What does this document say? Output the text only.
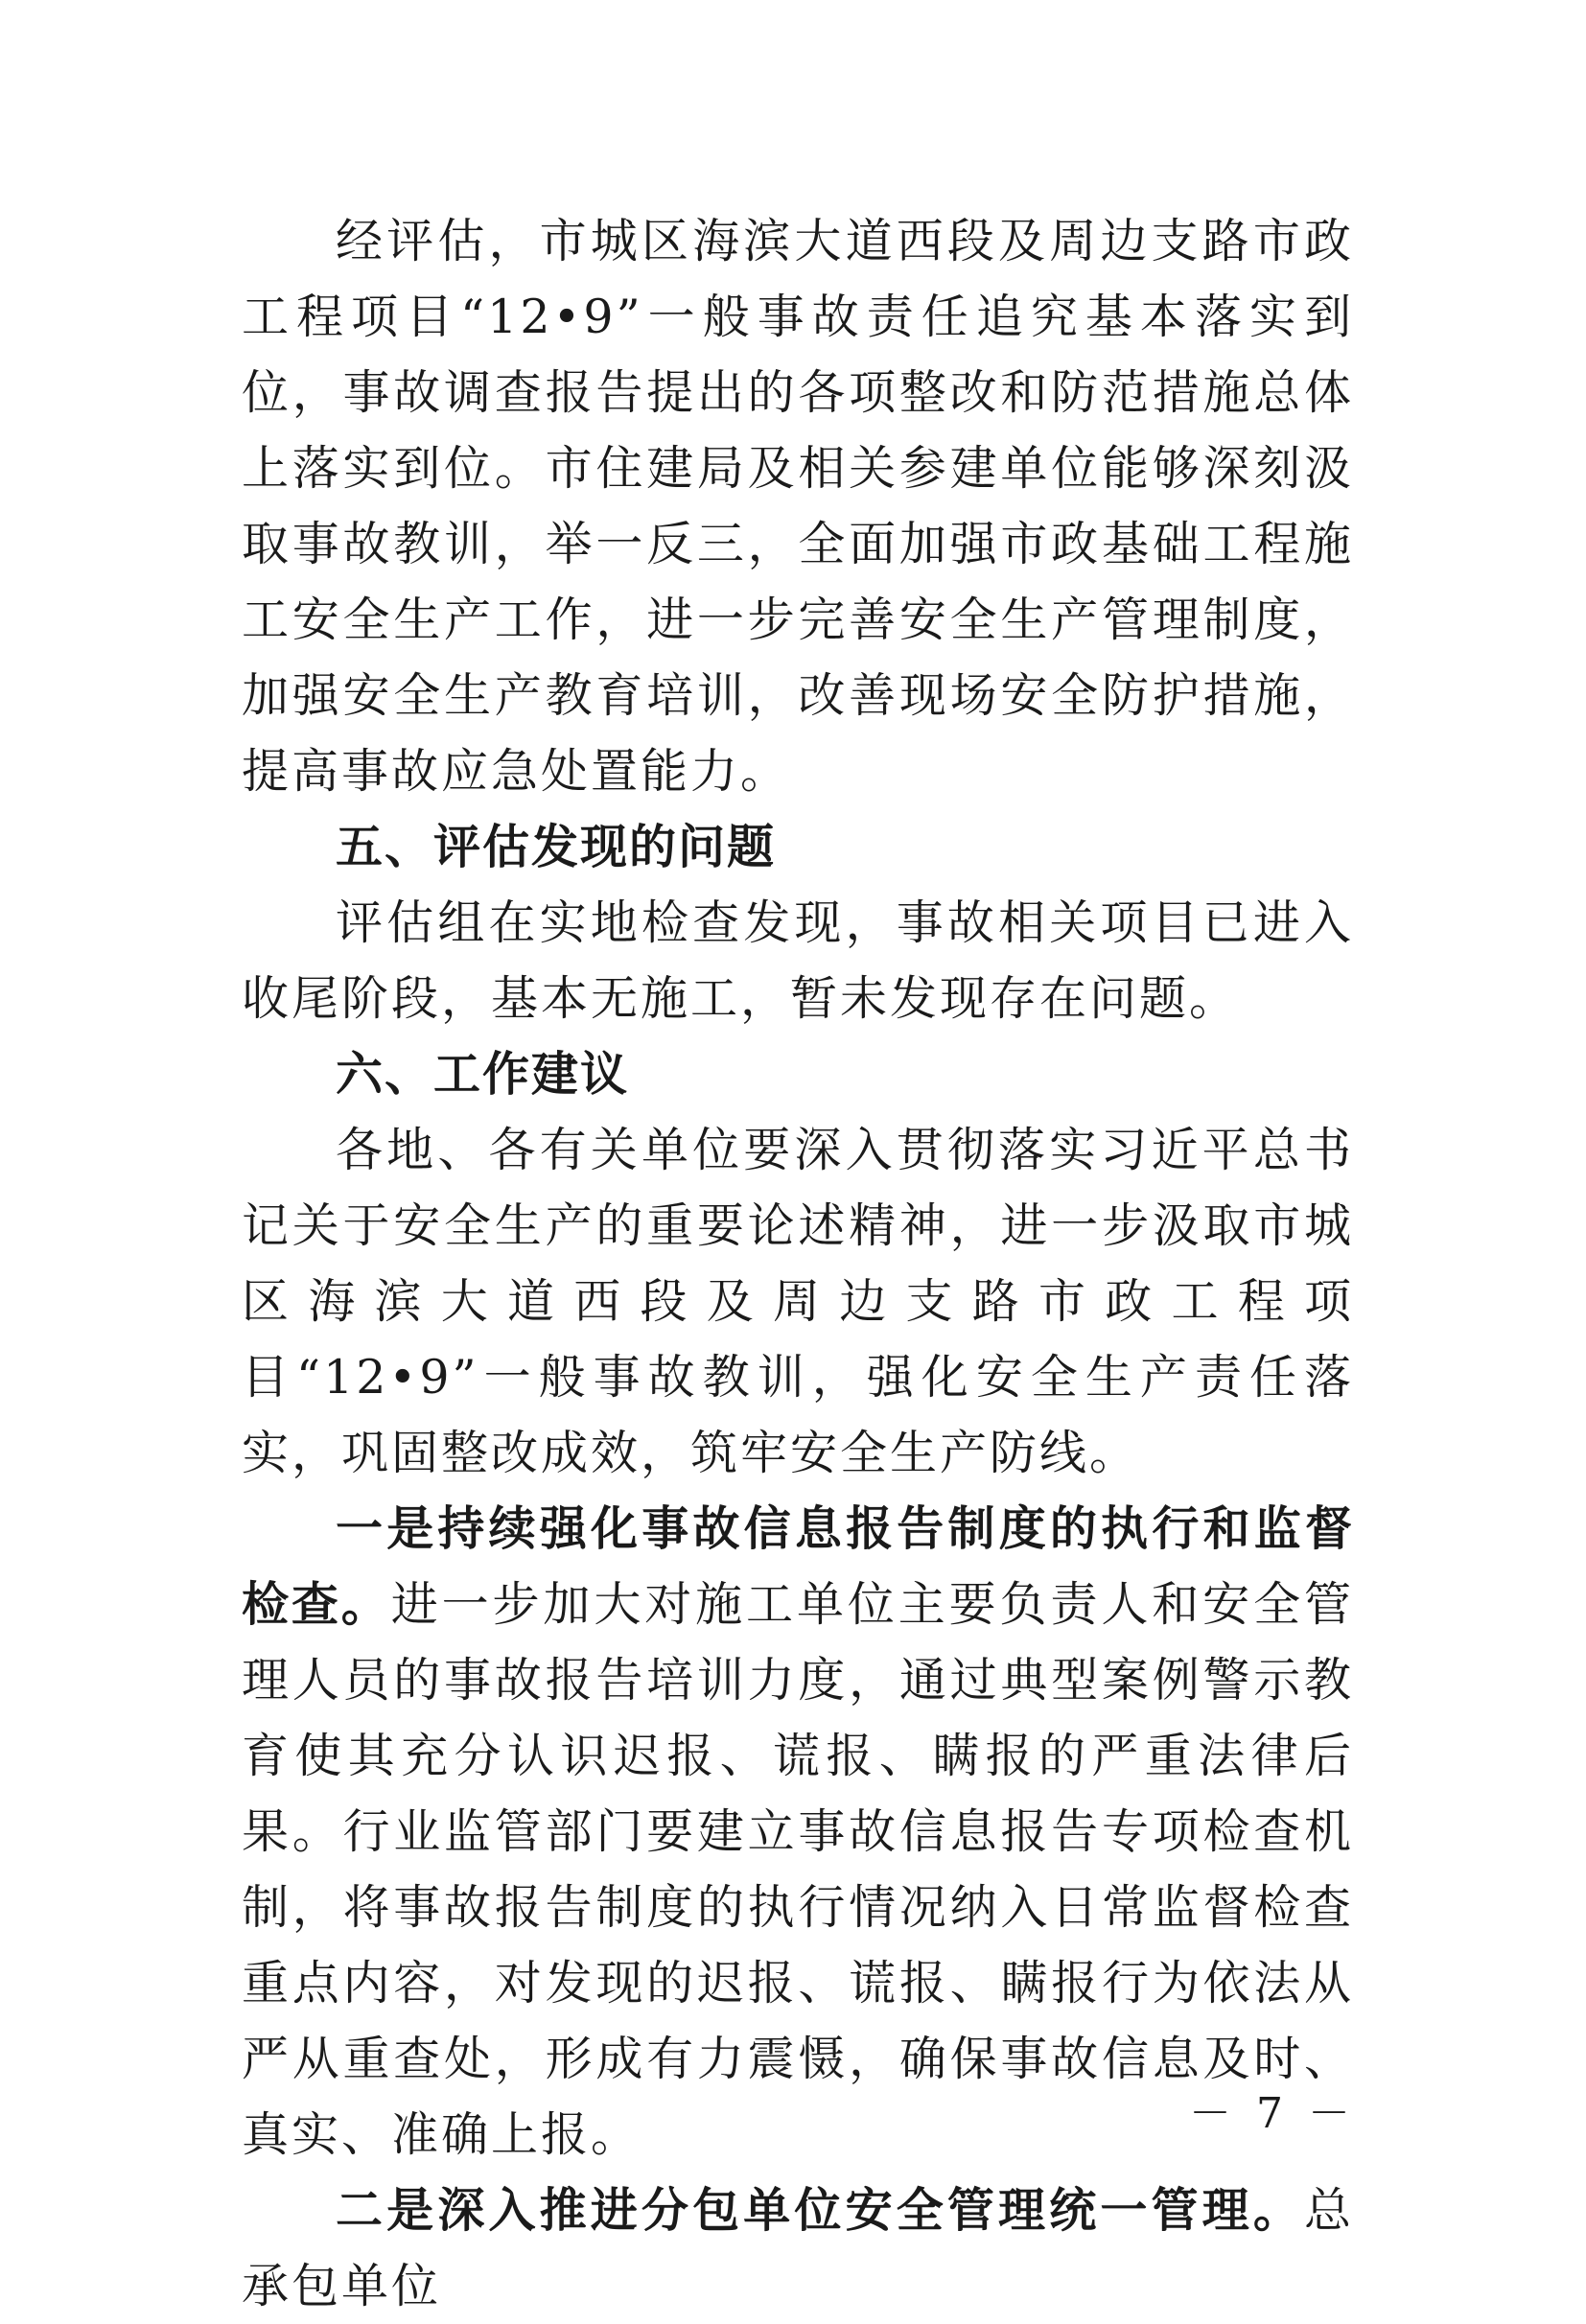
经评估，市城区海滨大道西段及周边支路市政工程项目“12•9”一般事故责任追究基本落实到位，事故调查报告提出的各项整改和防范措施总体上落实到位。市住建局及相关参建单位能够深刻汲取事故教训，举一反三，全面加强市政基础工程施工安全生产工作，进一步完善安全生产管理制度，加强安全生产教育培训，改善现场安全防护措施，提高事故应急处置能力。

五、评估发现的问题

评估组在实地检查发现，事故相关项目已进入收尾阶段，基本无施工，暂未发现存在问题。

六、工作建议

各地、各有关单位要深入贯彻落实习近平总书记关于安全生产的重要论述精神，进一步汲取市城区海滨大道西段及周边支路市政工程项目“12•9”一般事故教训，强化安全生产责任落实，巩固整改成效，筑牢安全生产防线。

一是持续强化事故信息报告制度的执行和监督检查。进一步加大对施工单位主要负责人和安全管理人员的事故报告培训力度，通过典型案例警示教育使其充分认识迟报、谎报、瞒报的严重法律后果。行业监管部门要建立事故信息报告专项检查机制，将事故报告制度的执行情况纳入日常监督检查重点内容，对发现的迟报、谎报、瞒报行为依法从严从重查处，形成有力震慑，确保事故信息及时、真实、准确上报。

二是深入推进分包单位安全管理统一管理。总承包单位

－ 7 －
